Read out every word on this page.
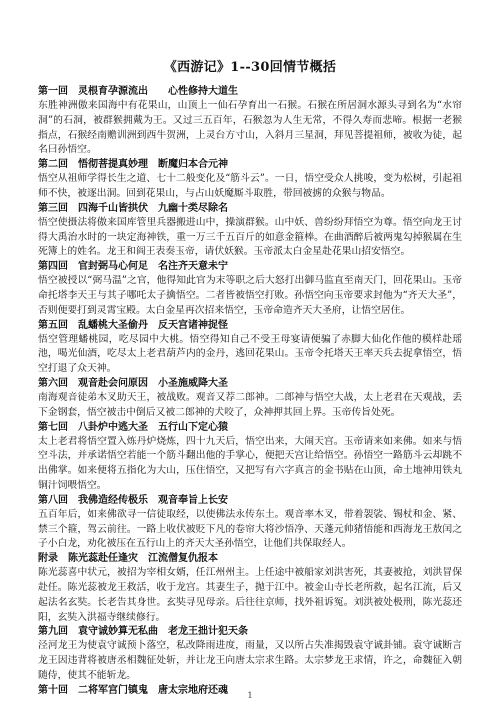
《西游记》1--30回情节概括
第一回 灵根育孕源流出　　心性修持大道生

东胜神洲傲来国海中有花果山，山顶上一仙石孕育出一石猴。石猴在所居洞水源头寻到名为“水帘洞”的石洞，被群猴拥戴为王。又过三五百年，石猴忽为人生无常，不得久寿而悲啼。根据一老猴指点，石猴经南赡训洲到西牛贺洲，上灵台方寸山，入斜月三星洞，拜见菩提祖师，被收为徒，起名曰孙悟空。

第二回 悟彻菩提真妙理　断魔归本合元神

悟空从祖师学得长生之道、七十二般变化及“筋斗云”。一日，悟空受众人挑唆，变为松树，引起祖师不快，被逐出洞。回到花果山，与占山妖魔厮斗取胜，带回被掳的众猴与物品。

第三回 四海千山皆拱伏　九幽十类尽除名

悟空使摄法将傲来国库管里兵器搬进山中，操演群猴。山中妖、兽纷纷拜悟空为尊。悟空向龙王讨得大禹治水时的一块定海神铁，重一万三千五百斤的如意金箍棒。在曲酒醉后被两鬼勾掉猴属在生死簿上的姓名。龙王和阎王表奏玉帝，请伏妖猴。玉帝派太白金星赴花果山招安悟空。

第四回 官封弼马心何足　名注齐天意未宁

悟空被授以“弼马温”之官，他得知此官为末等职之后大怒打出御马监直至南天门，回花果山。玉帝命托塔李天王与其子哪吒太子擒悟空。二者皆被悟空打败。孙悟空向玉帝要求封他为“齐天大圣”，否则便要打到灵霄宝殿。太白金星再次招来悟空，玉帝命造齐天大圣府，让悟空居住。

第五回 乱蟠桃大圣偷丹　反天宫诸神捉怪

悟空管理蟠桃园，吃尽园中大桃。悟空得知自己不受王母宴请便骗了赤脚大仙化作他的模样赴瑶池，喝光仙酒，吃尽太上老君葫芦内的金丹，逃回花果山。玉帝令托塔天王率天兵去捉拿悟空，悟空打退了众天神。

第六回 观音赴会问原因　小圣施威降大圣

南海观音徒弟木叉助天王，被战败。观音又荐二郎神。二郎神与悟空大战，太上老君在天观战，丢下金钢套，悟空被击中倒后又被二郎神的犬咬了，众神押其回上界。玉帝传旨处死。

第七回 八卦炉中逃大圣　五行山下定心猿

太上老君将悟空置入炼丹炉烧炼，四十九天后，悟空出来，大闹天宫。玉帝请来如来佛。如来与悟空斗法，并承诺悟空若能一个筋斗翻出他的手掌心，便把天宫让给悟空。孙悟空一路筋斗云却跳不出佛掌。如来便将五指化为大山，压住悟空，又把写有六字真言的金书贴在山顶，命土地神用铁丸铜汁饲喂悟空。

第八回 我佛造经传极乐　观音奉旨上长安

五百年后，如来佛欲寻一信徒取经，以使佛法永传东土。观音率木叉，带着袈裟、锡杖和金、紧、禁三个箍，驾云前往。一路上收伏被贬下凡的卷帘大将沙悟净、天蓬元帅猪悟能和西海龙王敖闰之子小白龙，劝化被压在五行山上的齐天大圣孙悟空，让他们共保取经人。

附录 陈光蕊赴任逢灾　江流僧复仇报本

陈光蕊喜中状元，被招为宰相女婿，任江州州主。上任途中被船家刘洪害死，其妻被抢，刘洪冒保赴任。陈光蕊被龙王救活，收于龙宫。其妻生子，抛于江中。被金山寺长老所救，起名江流，后又起法名玄奘。长老告其身世。玄奘寻见母亲。后往往京师，找外祖诉冤。刘洪被处极刑，陈光蕊还阳，玄奘入洪福寺继续修行。

第九回 袁守诚妙算无私曲　老龙王拙计犯天条

泾河龙王为使袁守诚预卜落空，私改降雨进度，雨量，又以所占失准揭毁袁守诚卦铺。袁守诚断言龙王因违背将被唐丞相魏征处斩，并让龙王向唐太宗求生路。太宗梦龙王求情，许之，命魏征入朝随侍，使其不能斩龙。

第十回 二将军宫门镇鬼　唐太宗地府还魂	1
